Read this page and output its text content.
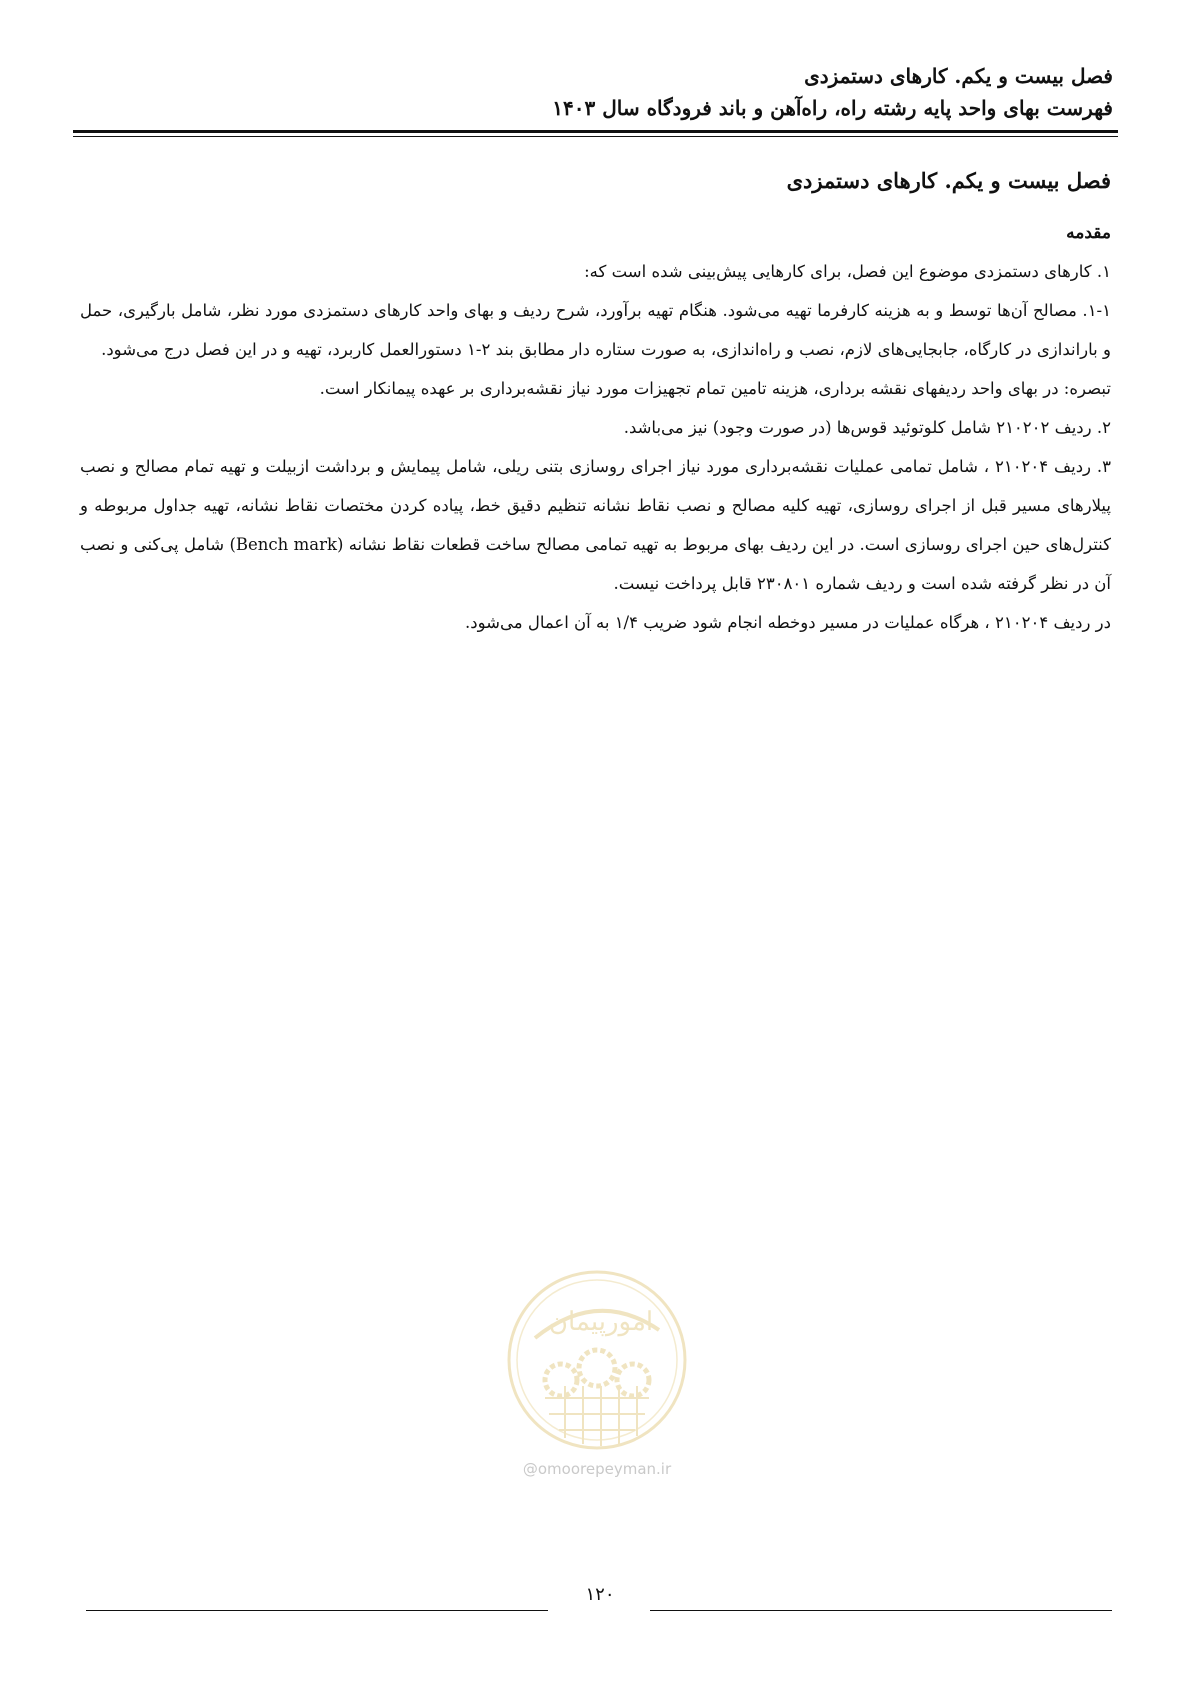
فصل بیست و یکم. کارهای دستمزدی
فهرست بهای واحد پایه رشته راه، راه‌آهن و باند فرودگاه سال ۱۴۰۳
فصل بیست و یکم. کارهای دستمزدی
مقدمه

۱. کارهای دستمزدی موضوع این فصل، برای کارهایی پیش‌بینی شده است که:

۱-۱. مصالح آن‌ها توسط و به هزینه کارفرما تهیه می‌شود. هنگام تهیه برآورد، شرح ردیف و بهای واحد کارهای دستمزدی مورد نظر، شامل بارگیری، حمل و باراندازی در کارگاه، جابجایی‌های لازم، نصب و راه‌اندازی، به صورت ستاره دار مطابق بند ۲-۱ دستورالعمل کاربرد، تهیه و در این فصل درج می‌شود.

تبصره: در بهای واحد ردیفهای نقشه برداری، هزینه تامین تمام تجهیزات مورد نیاز نقشه‌برداری بر عهده پیمانکار است.

۲. ردیف ۲۱۰۲۰۲ شامل کلوتوئید قوس‌ها (در صورت وجود) نیز می‌باشد.

۳. ردیف ۲۱۰۲۰۴ ، شامل تمامی عملیات نقشه‌برداری مورد نیاز اجرای روسازی بتنی ریلی، شامل پیمایش و برداشت ازبیلت و تهیه تمام مصالح و نصب پیلارهای مسیر قبل از اجرای روسازی، تهیه کلیه مصالح و نصب نقاط نشانه تنظیم دقیق خط، پیاده کردن مختصات نقاط نشانه، تهیه جداول مربوطه و کنترل‌های حین اجرای روسازی است. در این ردیف بهای مربوط به تهیه تمامی مصالح ساخت قطعات نقاط نشانه (Bench mark) شامل پی‌کنی و نصب آن در نظر گرفته شده است و ردیف شماره ۲۳۰۸۰۱ قابل پرداخت نیست.

در ردیف ۲۱۰۲۰۴ ، هرگاه عملیات در مسیر دوخطه انجام شود ضریب ۱/۴ به آن اعمال می‌شود.

امورپیمان
@omoorepeyman.ir
۱۲۰
